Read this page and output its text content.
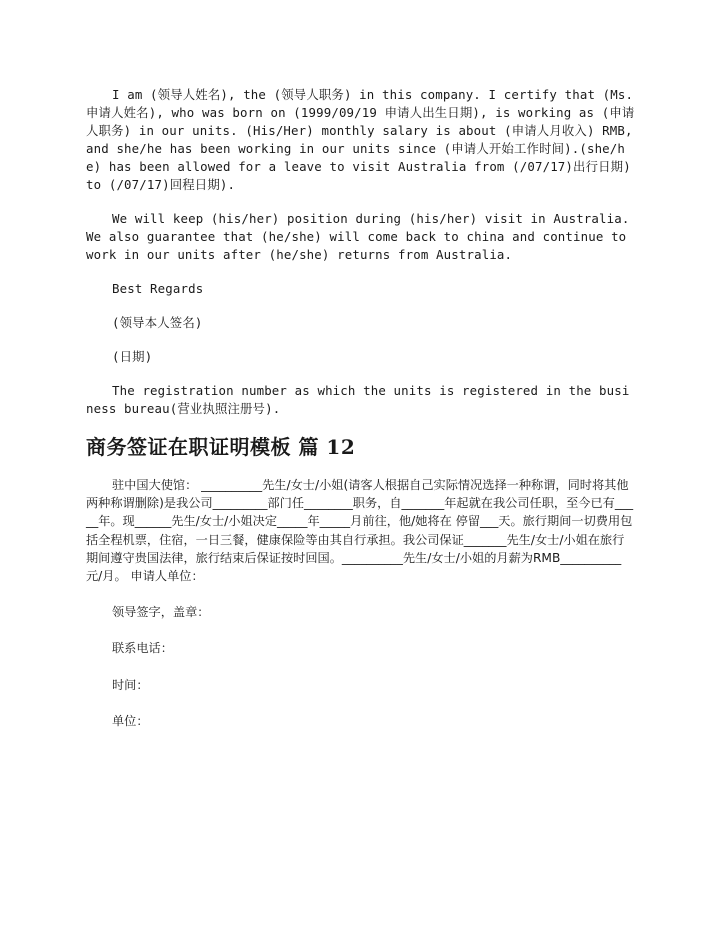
I am (领导人姓名), the (领导人职务) in this company. I certify that (Ms.申请人姓名), who was born on (1999/09/19 申请人出生日期), is working as (申请人职务) in our units. (His/Her) monthly salary is about (申请人月收入) RMB, and she/he has been working in our units since (申请人开始工作时间).(she/he) has been allowed for a leave to visit Australia from (/07/17)出行日期) to (/07/17)回程日期).

We will keep (his/her) position during (his/her) visit in Australia. We also guarantee that (he/she) will come back to china and continue to work in our units after (he/she) returns from Australia.

Best Regards

(领导本人签名)

(日期)

The registration number as which the units is registered in the business bureau(营业执照注册号).

商务签证在职证明模板 篇 12

驻中国大使馆： __________先生/女士/小姐(请客人根据自己实际情况选择一种称谓，同时将其他两种称谓删除)是我公司_________部门任________职务，自_______年起就在我公司任职，至今已有_____年。现______先生/女士/小姐决定_____年_____月前往，他/她将在 停留___天。旅行期间一切费用包括全程机票，住宿，一日三餐，健康保险等由其自行承担。我公司保证_______先生/女士/小姐在旅行期间遵守贵国法律，旅行结束后保证按时回国。__________先生/女士/小姐的月薪为RMB__________元/月。 申请人单位：

领导签字，盖章：

联系电话：

时间：

单位：
